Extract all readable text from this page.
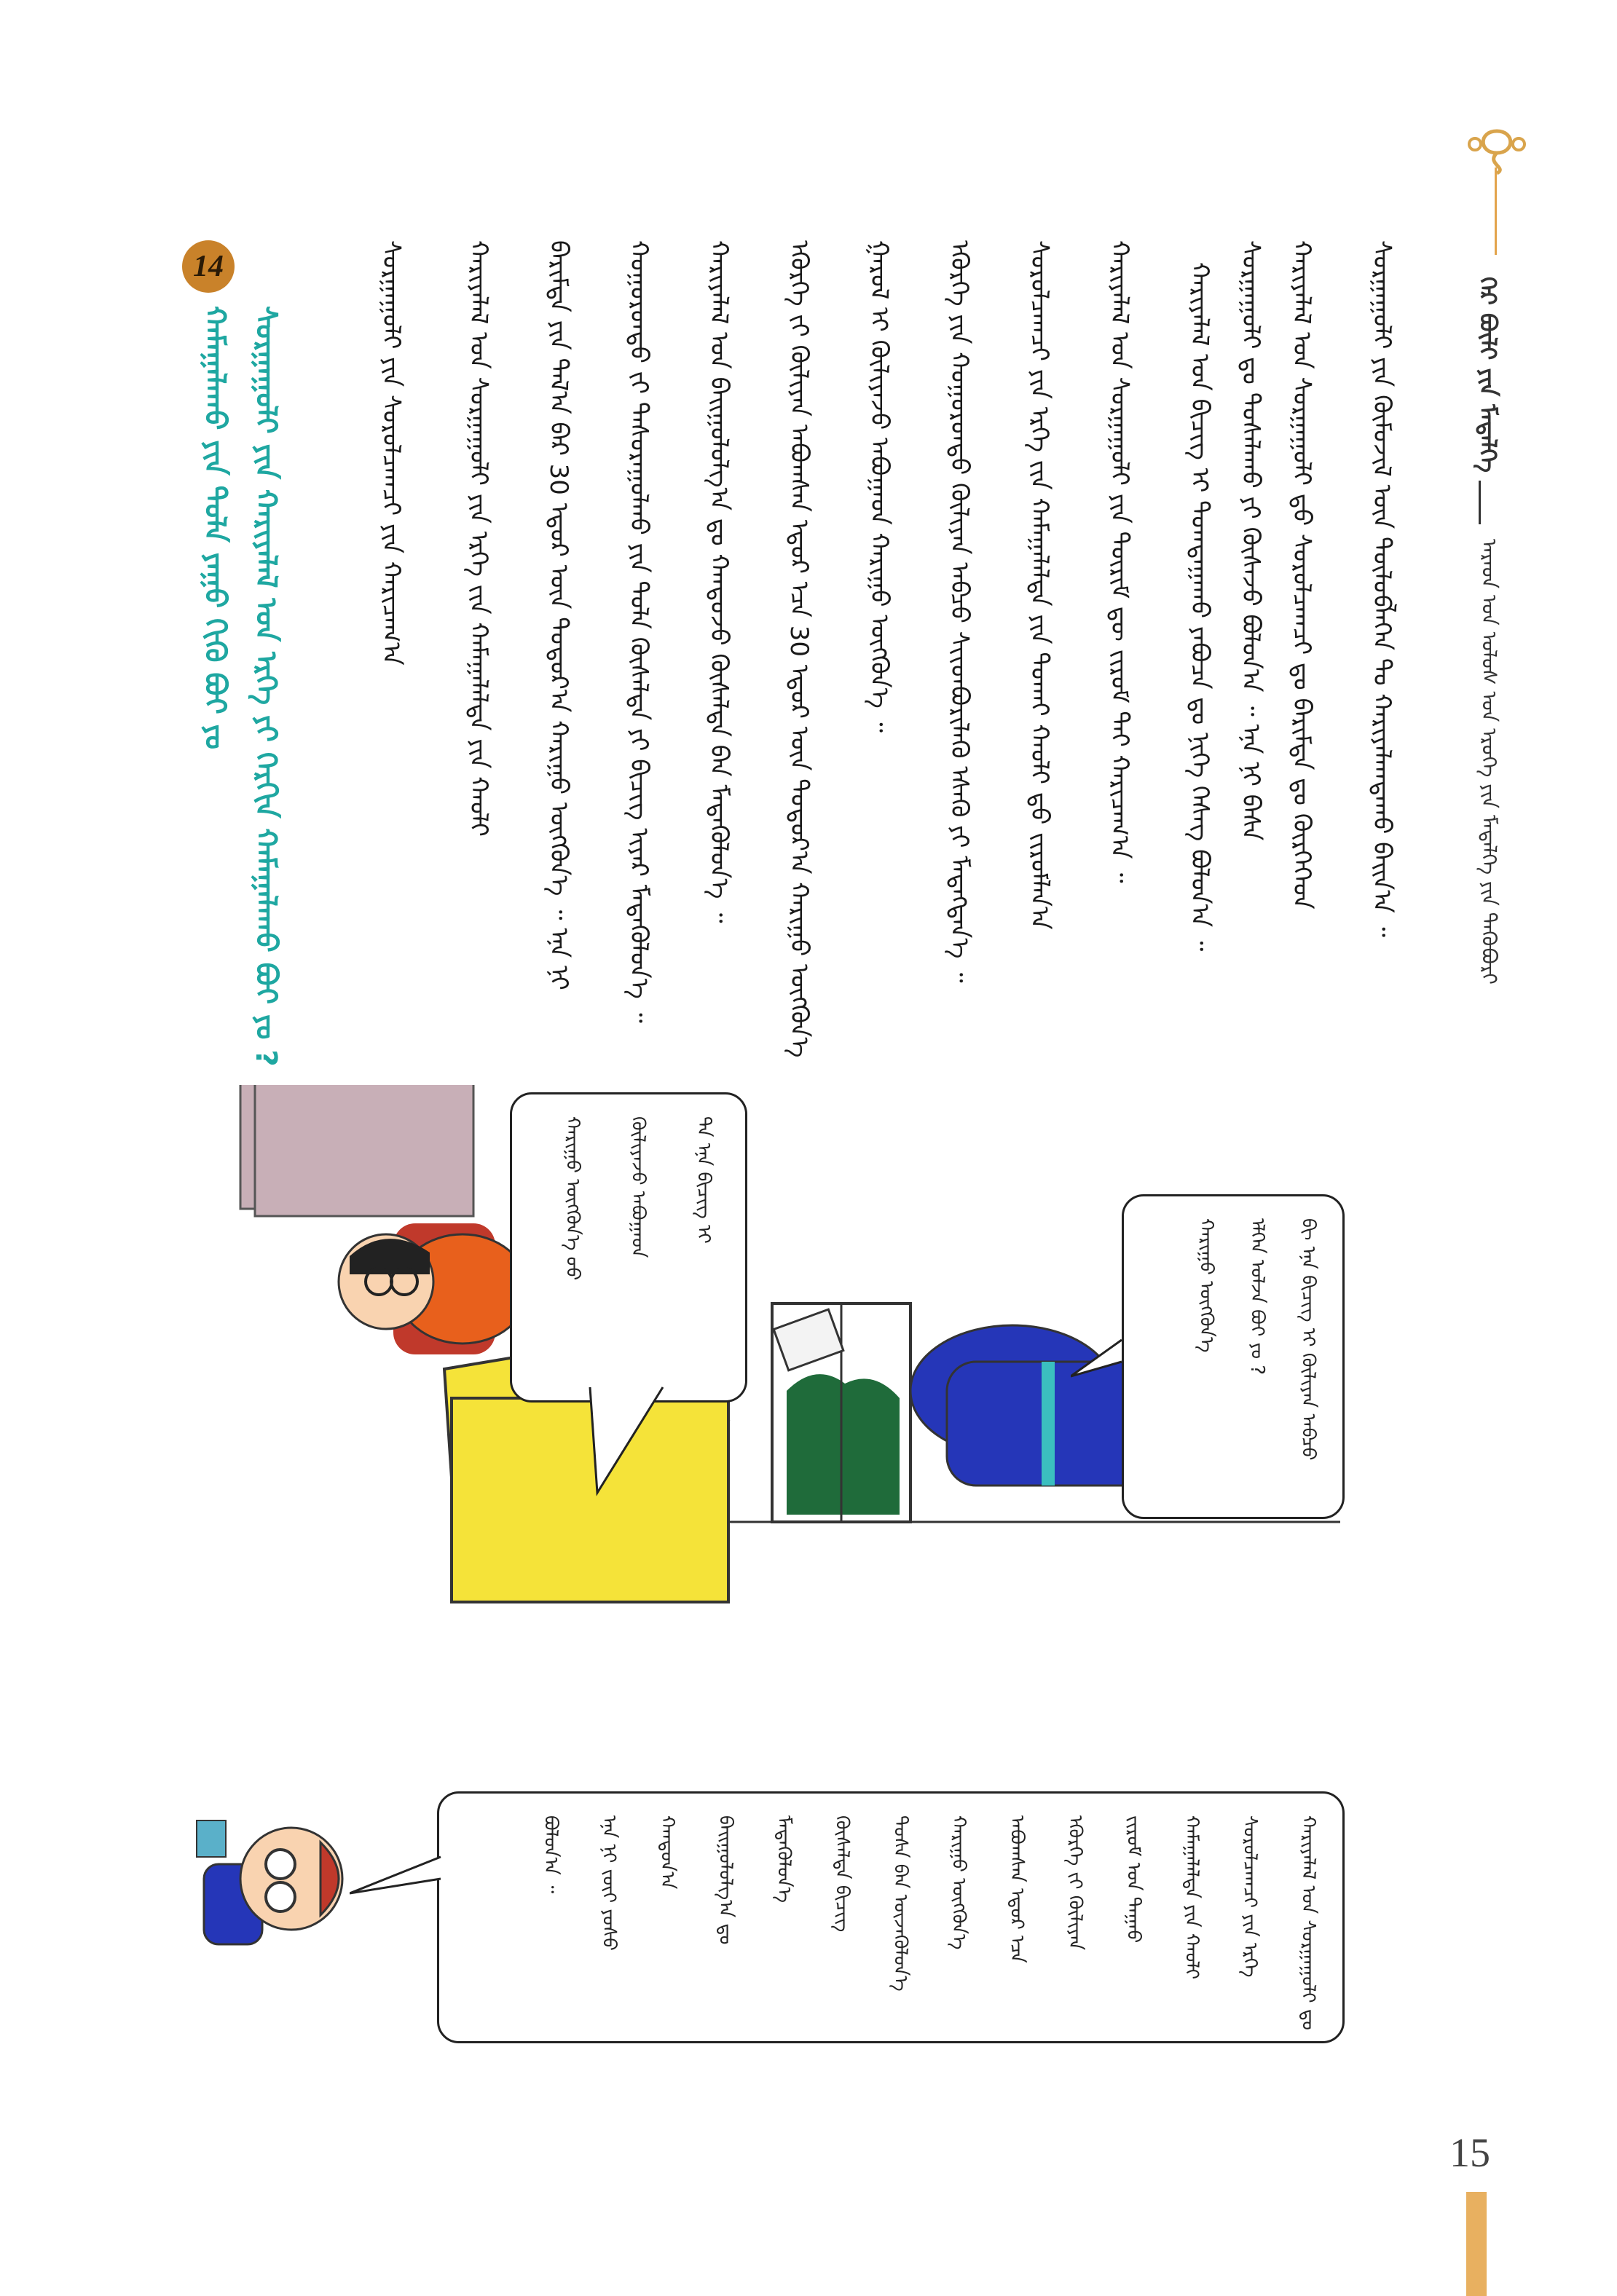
ᠭᠡᠷ ᠪᠦᠯᠢ ᠶᠢᠨ ᠮᠡᠳᠡᠯᠭᠡ
ᠠᠷᠠᠳ ᠤᠨ ᠤᠯᠤᠰ ᠤᠨ ᠡᠷᠦᠬᠡ ᠶᠢᠨ ᠮᠡᠳᠡᠯᠭᠡ ᠶᠢᠨ ᠲᠡᠭᠦᠪᠦᠷᠢ
ᠰᠤᠷᠭᠠᠭᠤᠯᠢ ᠶᠢᠨ ᠬᠦᠮᠦᠵᠢᠯ ᠦᠨ ᠲᠥᠯᠦᠪᠯᠡᠭᠡᠨ ᠲᠤ ᠬᠠᠷᠢᠶᠠᠯᠠᠭᠳᠠᠬᠤ ᠪᠠᠢᠨ᠎ᠠ ᠃
ᠬᠠᠷᠢᠶᠠᠯᠠᠯ ᠤᠨ ᠰᠤᠷᠭᠠᠭᠤᠯᠢ ᠳ᠋ᠤ ᠰᠤᠷᠤᠯᠴᠠᠭᠴᠢ ᠳᠤ ᠪᠠᠷᠢᠮᠲᠠ ᠳᠤ ᠬᠦᠷᠭᠡᠭᠡᠳ
ᠰᠤᠷᠭᠠᠭᠤᠯᠢ ᠳᠤ ᠲᠤᠰᠠᠯᠠᠬᠤ ᠶᠢ ᠬᠦᠰᠡᠵᠦ ᠪᠤᠯᠤᠨ᠎ᠠ ᠃ ᠡᠨᠡ ᠨᠢ ᠪᠠᠰᠠ
ᠬᠠᠷᠢᠶᠠᠯᠠᠯ ᠤᠨ ᠪᠢᠴᠢᠭ ᠢ ᠲᠣᠭᠲᠠᠭᠠᠬᠤ ᠶᠠᠪᠤᠴᠠ ᠳᠤ ᠨᠢᠭᠡ ᠬᠡᠰᠡᠭ ᠪᠣᠯᠤᠨ᠎ᠠ ᠃
ᠬᠠᠷᠢᠶᠠᠯᠠᠯ ᠤᠨ ᠰᠤᠷᠭᠠᠭᠤᠯᠢ ᠶᠢᠨ ᠳᠦᠷᠢᠮ ᠳᠦ ᠵᠢᠷᠤᠮ ᠲᠠᠢ ᠬᠠᠷᠢᠴᠠᠭ᠎ᠠ ᠃
ᠰᠤᠷᠤᠯᠴᠠᠭᠴᠢ ᠶᠢᠨ ᠡᠷᠬᠡ ᠵᠢᠨ ᠬᠠᠮᠠᠭᠠᠯᠠᠯᠲᠠ ᠶᠢᠨ ᠲᠤᠬᠠᠢ ᠬᠠᠤᠯᠢ ᠳ᠋ᠤ ᠵᠢᠷᠤᠮᠯᠠᠨ᠎ᠠ
ᠡᠭᠦᠷᠭᠡ ᠶᠢᠨ ᠬᠣᠭᠣᠷᠣᠨᠳᠣ ᠬᠦᠯᠢᠶᠡᠨ ᠠᠪᠴᠤ ᠱᠢᠢᠳᠪᠦᠷᠢᠯᠡᠬᠦ ᠡᠰᠡᠬᠦ ᠶᠢ ᠮᠡᠳᠡᠭᠳᠡᠨ᠎ᠡ ᠃
ᠭᠠᠷᠤᠯ ᠢ ᠬᠦᠯᠢᠶᠡᠵᠦ ᠠᠪᠤᠭᠠᠳ ᠬᠠᠷᠢᠭᠤ ᠥᠭᠭᠦᠨ᠎ᠡ ᠃
ᠡᠭᠦᠷᠭᠡ ᠵᠢ ᠬᠦᠯᠢᠶᠡᠨ ᠠᠪᠤᠭᠰᠠᠨ ᠡᠳᠦᠷ ᠡᠴᠡ 30 ᠡᠳᠦᠷ ᠦᠨ ᠳᠣᠲᠣᠷ᠎ᠠ ᠬᠠᠷᠢᠭᠤ ᠥᠭᠭᠦᠨ᠎ᠡ
ᠬᠠᠷᠢᠶᠠᠯᠠᠯ ᠤᠨ ᠪᠠᠢᠭᠤᠯᠤᠯᠭ᠎ᠠ ᠳᠤ ᠬᠠᠨᠳᠤᠵᠤ ᠬᠦᠰᠡᠯᠲᠡ ᠪᠠᠨ ᠮᠡᠳᠡᠭᠦᠯᠦᠨ᠎ᠡ ᠃
ᠬᠣᠭᠣᠷᠣᠨᠳᠣ ᠵᠢ ᠲᠠᠰᠤᠷᠠᠭᠤᠯᠬᠤ ᠶᠢᠨ ᠲᠤᠯᠠ ᠬᠦᠰᠡᠯᠲᠡ ᠶᠢ ᠪᠢᠴᠢᠭ ᠢᠶᠡᠷ ᠮᠡᠳᠡᠭᠦᠯᠦᠨ᠎ᠡ ᠃
ᠪᠠᠷᠢᠮᠲᠠ ᠶᠢᠨ ᠲᠠᠯ᠎ᠠ ᠪᠠᠷ 30 ᠡᠳᠦᠷ ᠦᠨ ᠳᠣᠲᠣᠷ᠎ᠠ ᠬᠠᠷᠢᠭᠤ ᠥᠭᠭᠦᠨ᠎ᠡ ᠃ ᠡᠨᠡ ᠨᠢ
ᠬᠠᠷᠢᠶᠠᠯᠠᠯ ᠤᠨ ᠰᠤᠷᠭᠠᠭᠤᠯᠢ ᠶᠢᠨ ᠡᠷᠬᠡ ᠵᠢᠨ ᠬᠠᠮᠠᠭᠠᠯᠠᠯᠲᠠ ᠶᠢᠨ ᠬᠠᠤᠯᠢ
ᠰᠤᠷᠭᠠᠭᠤᠯᠢ ᠶᠢᠨ ᠰᠤᠷᠤᠯᠴᠠᠭᠴᠢ ᠶᠢᠨ ᠬᠠᠷᠢᠴᠠᠭ᠎ᠠ
14
ᠰᠤᠷᠭᠠᠭᠤᠯᠢ ᠶᠢᠨ ᠬᠠᠷᠢᠶᠠᠯᠠᠯ ᠤᠨ ᠡᠷᠬᠡ ᠶᠢ ᠬᠡᠷᠬᠢᠨ ᠬᠠᠮᠠᠭᠠᠯᠠᠬᠤ ᠪᠤᠢ ᠶᠤ ?
ᠬᠠᠮᠠᠭᠠᠯᠠᠬᠤ ᠶᠢᠨ ᠲᠤᠯᠠ ᠶᠠᠭᠤ ᠬᠢᠬᠦ ᠪᠤᠢ ᠶᠤ
ᠪᠢ ᠡᠨᠡ ᠪᠢᠴᠢᠭ ᠢ ᠬᠦᠯᠢᠶᠡᠨ ᠠᠪᠴᠤ
ᠡᠯᠭᠡᠨ ᠤᠯᠵᠠ ᠪᠤᠢ ᠶᠤ ?
ᠬᠠᠷᠢᠭᠤ ᠥᠭᠭᠦᠨ᠎ᠡ
ᠲᠠ ᠡᠨᠡ ᠪᠢᠴᠢᠭ ᠢ
ᠬᠦᠯᠢᠶᠡᠵᠦ ᠠᠪᠤᠭᠠᠳ
ᠬᠠᠷᠢᠭᠤ ᠥᠭᠭᠦᠨ᠎ᠡ ᠦᠦ
ᠬᠠᠷᠢᠶᠠᠯᠠᠯ ᠤᠨ ᠰᠤᠷᠭᠠᠭᠤᠯᠢ ᠳᠤ
ᠰᠤᠷᠤᠯᠴᠠᠭᠴᠢ ᠶᠢᠨ ᠡᠷᠬᠡ
ᠬᠠᠮᠠᠭᠠᠯᠠᠯᠲᠠ ᠶᠢᠨ ᠬᠠᠤᠯᠢ
ᠵᠢᠷᠤᠮ ᠤᠨ ᠳᠠᠭᠠᠤ
ᠡᠭᠦᠷᠭᠡ ᠵᠢ ᠬᠦᠯᠢᠶᠡᠨ
ᠠᠪᠤᠭᠰᠠᠨ ᠡᠳᠦᠷ ᠡᠴᠡ
ᠬᠠᠷᠢᠭᠤ ᠥᠭᠭᠦᠨ᠎ᠡ
ᠲᠤᠰᠠ ᠪᠠᠨ ᠦᠵᠡᠭᠦᠯᠦᠨ᠎ᠡ
ᠬᠦᠰᠡᠯᠲᠡ ᠪᠢᠴᠢᠭ
ᠮᠡᠳᠡᠭᠦᠯᠦᠨ᠎ᠡ
ᠪᠠᠢᠭᠤᠯᠤᠯᠭ᠎ᠠ ᠳᠤ
ᠬᠠᠨᠳᠤᠨ᠎ᠠ
ᠡᠨᠡ ᠨᠢ ᠵᠦᠢ ᠶᠤᠰᠤ
ᠪᠤᠯᠤᠨ᠎ᠠ ᠃
15
